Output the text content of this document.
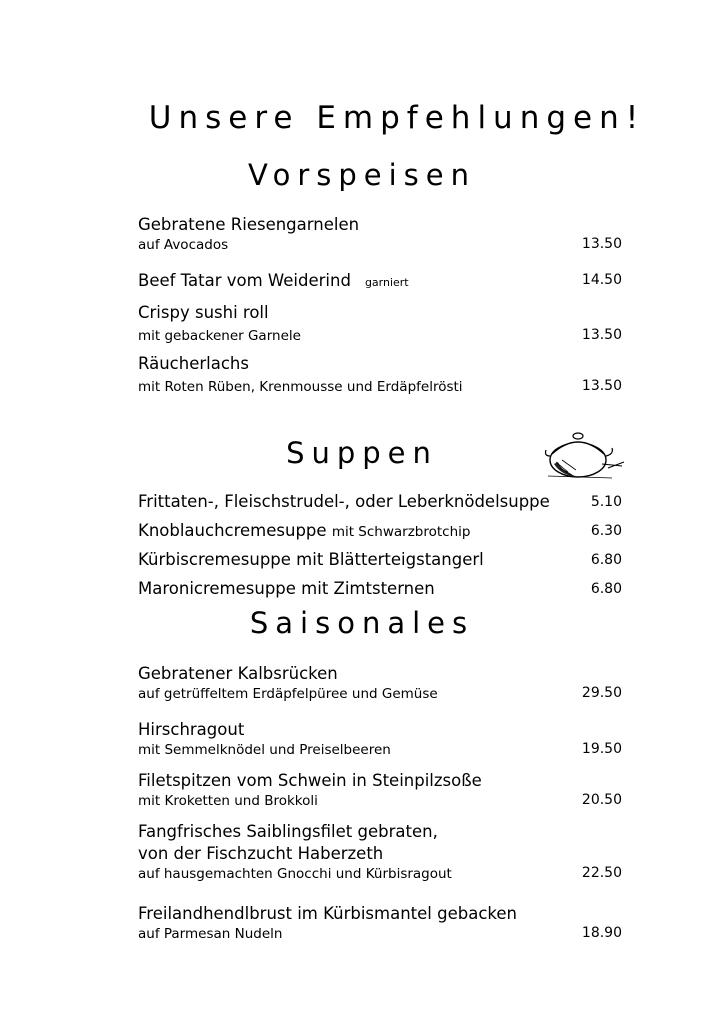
Unsere Empfehlungen!
Vorspeisen
Gebratene Riesengarnelen
auf Avocados	13.50
Beef Tatar vom Weiderind garniert	14.50
Crispy sushi roll
mit gebackener Garnele	13.50
Räucherlachs
mit Roten Rüben, Krenmousse und Erdäpfelrösti	13.50
Suppen
Frittaten-, Fleischstrudel-, oder Leberknödelsuppe	5.10
Knoblauchcremesuppe mit Schwarzbrotchip	6.30
Kürbiscremesuppe mit Blätterteigstangerl	6.80
Maronicremesuppe mit Zimtsternen	6.80
Saisonales
Gebratener Kalbsrücken
auf getrüffeltem Erdäpfelpüree und Gemüse	29.50
Hirschragout
mit Semmelknödel und Preiselbeeren	19.50
Filetspitzen vom Schwein in Steinpilzsoße
mit Kroketten und Brokkoli	20.50
Fangfrisches Saiblingsfilet gebraten,
von der Fischzucht Haberzeth
auf hausgemachten Gnocchi und Kürbisragout	22.50
Freilandhendlbrust im Kürbismantel gebacken
auf Parmesan Nudeln	18.90
